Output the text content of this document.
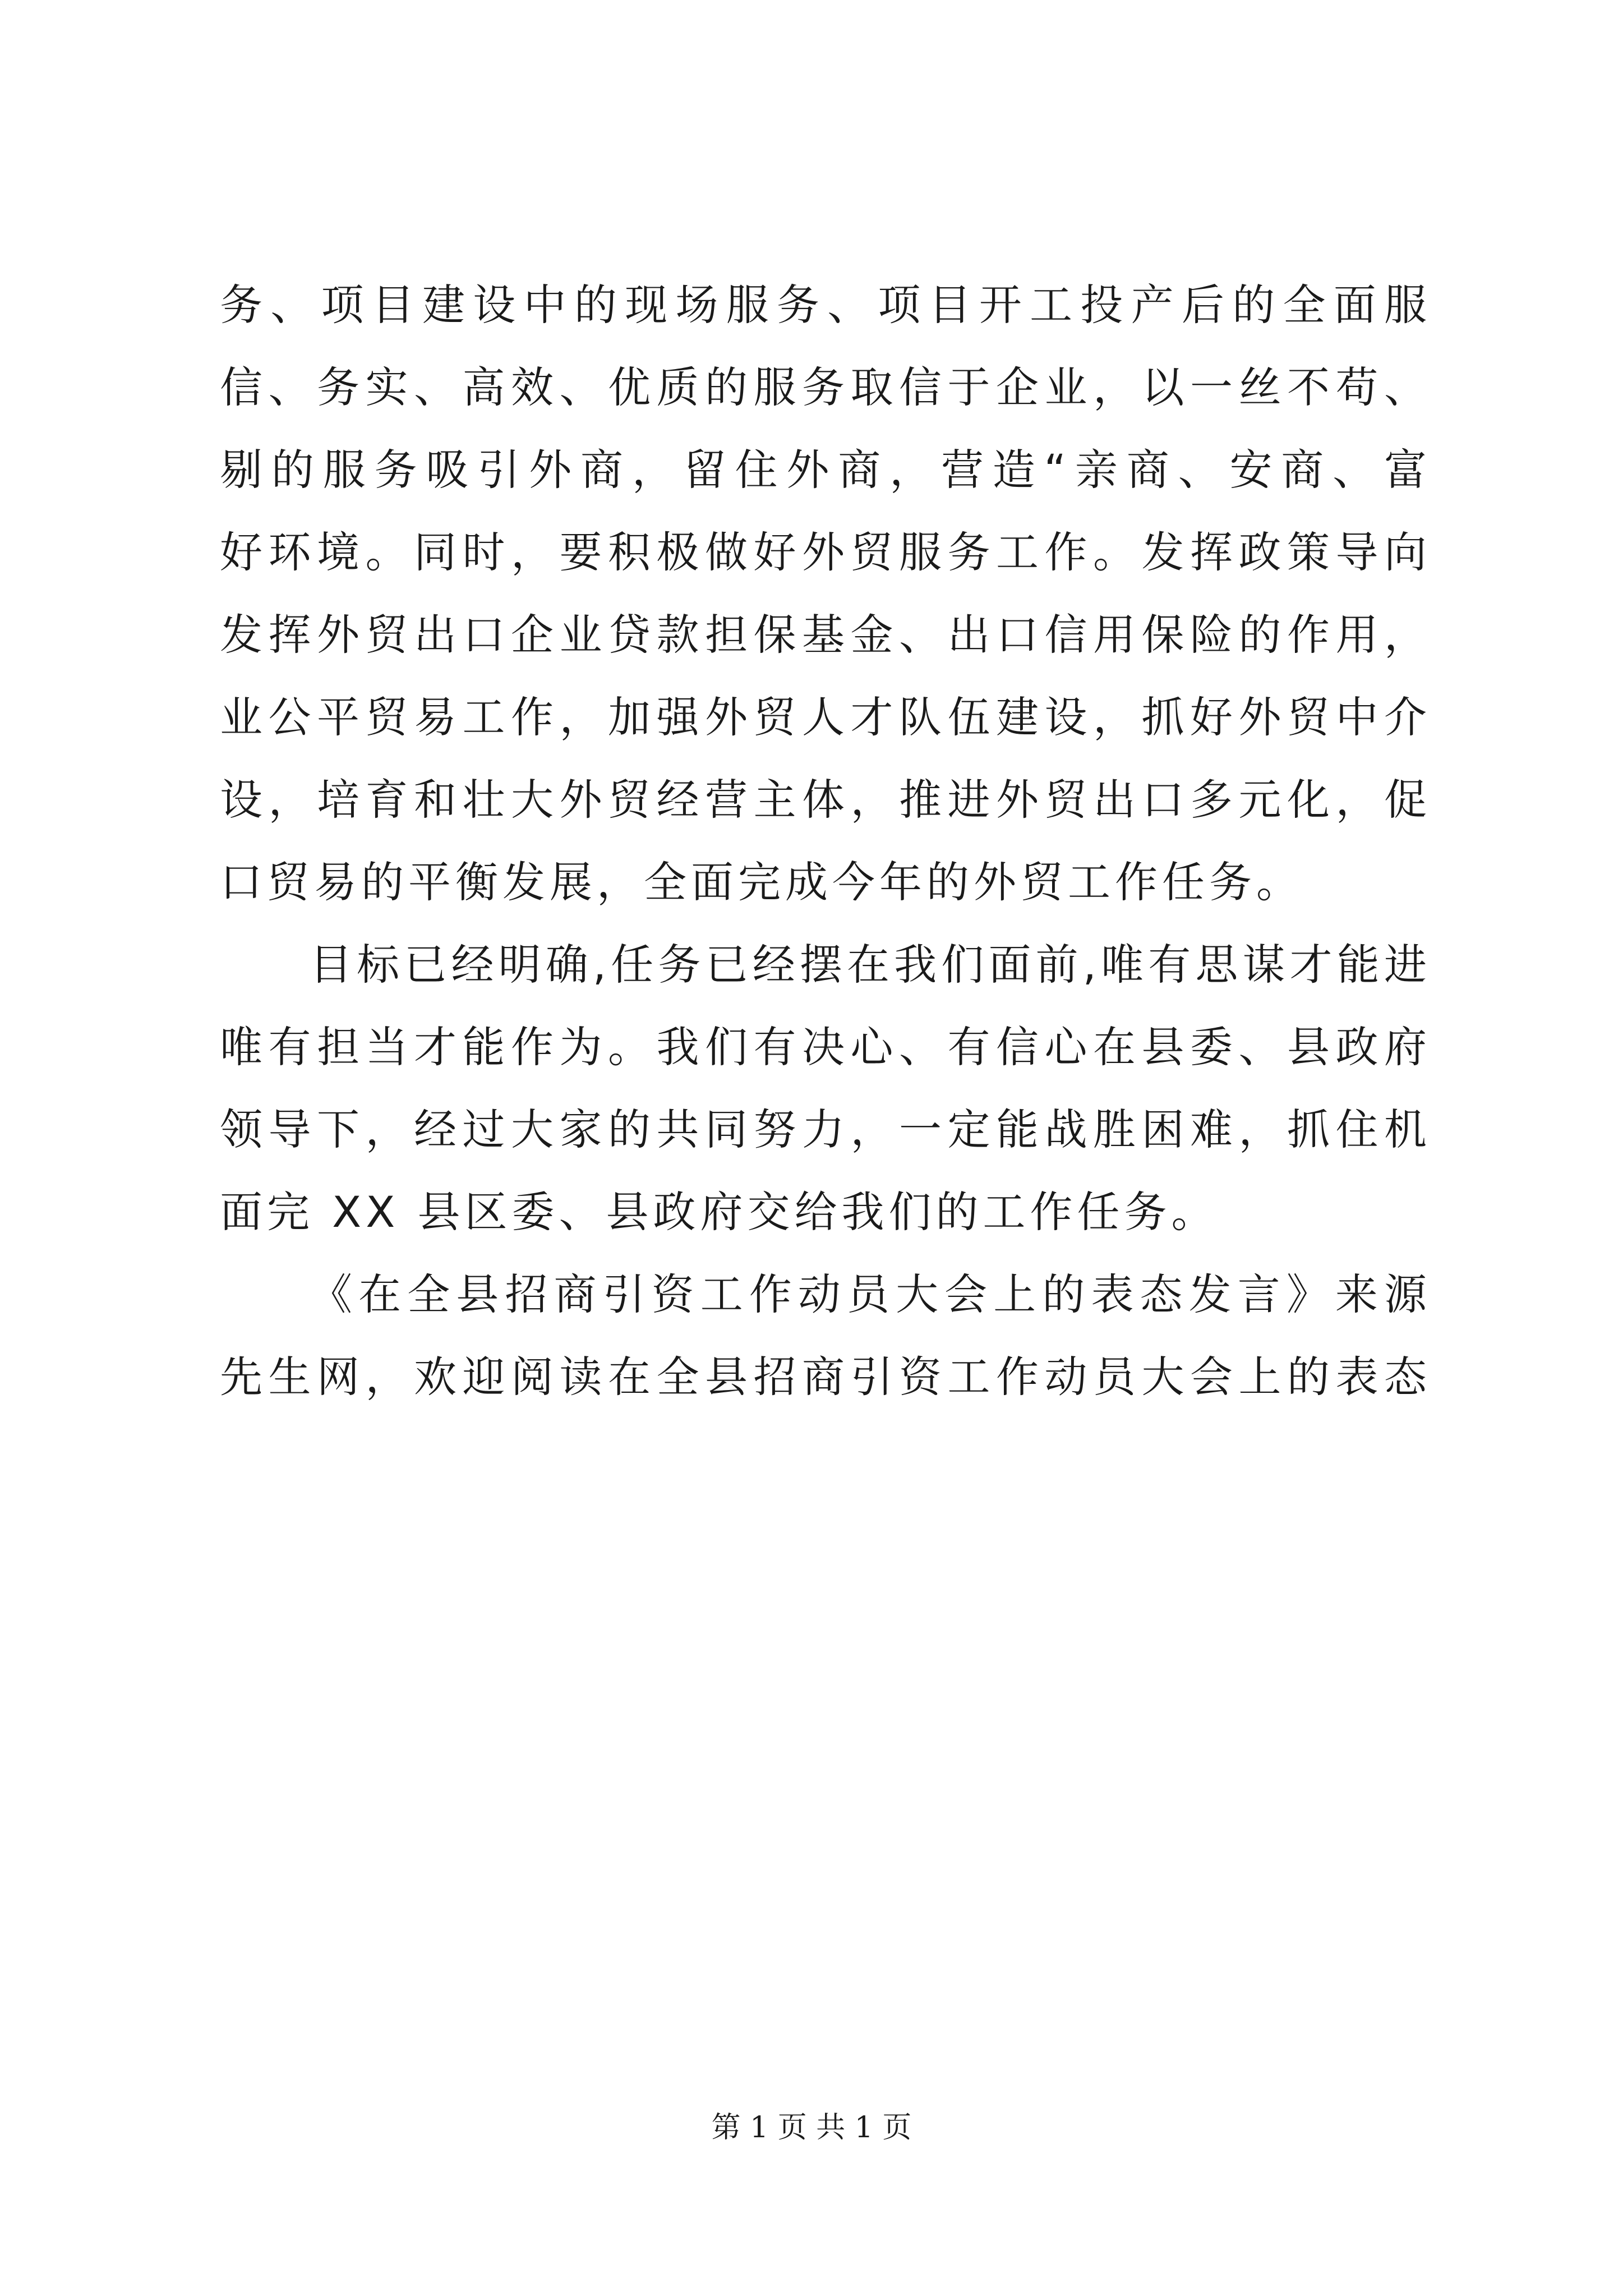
务、项目建设中的现场服务、项目开工投产后的全面服
信、务实、高效、优质的服务取信于企业，以一丝不苟、
剔的服务吸引外商，留住外商，营造“亲商、安商、富
好环境。同时，要积极做好外贸服务工作。发挥政策导向
发挥外贸出口企业贷款担保基金、出口信用保险的作用，
业公平贸易工作，加强外贸人才队伍建设，抓好外贸中介
设，培育和壮大外贸经营主体，推进外贸出口多元化，促
口贸易的平衡发展，全面完成今年的外贸工作任务。
目标已经明确,任务已经摆在我们面前,唯有思谋才能进
唯有担当才能作为。我们有决心、有信心在县委、县政府
领导下，经过大家的共同努力，一定能战胜困难，抓住机
面完 XX 县区委、县政府交给我们的工作任务。
《在全县招商引资工作动员大会上的表态发言》来源
先生网，欢迎阅读在全县招商引资工作动员大会上的表态
第 1 页 共 1 页
